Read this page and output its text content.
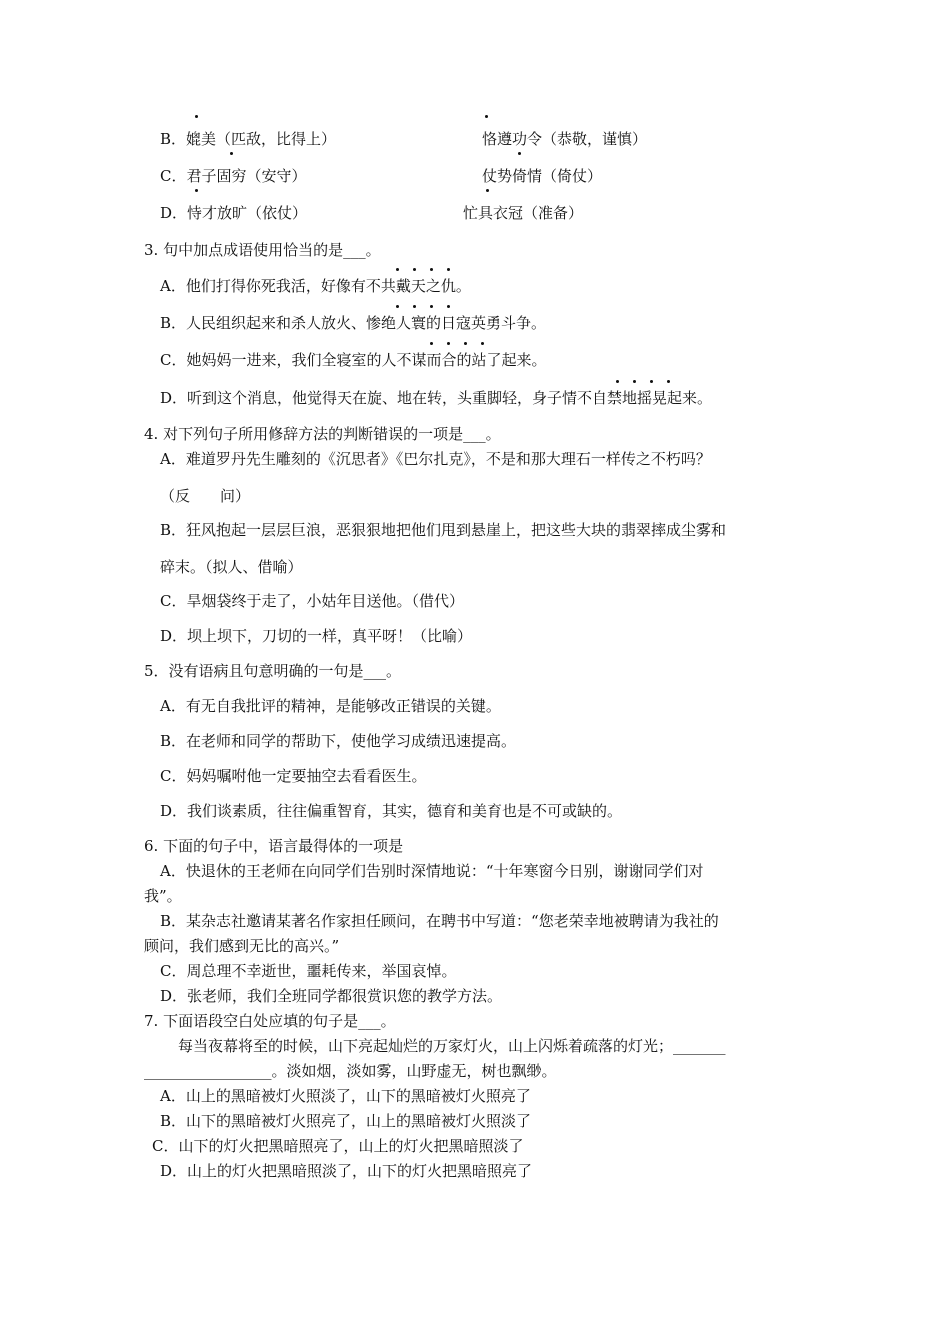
B．媲美（匹敌，比得上）	恪遵功令（恭敬，谨慎）
C．君子固穷（安守）	仗势倚情（倚仗）
D．恃才放旷（依仗）	忙具衣冠（准备）
3. 句中加点成语使用恰当的是___。
A．他们打得你死我活，好像有不共戴天之仇。
B．人民组织起来和杀人放火、惨绝人寰的日寇英勇斗争。
C．她妈妈一进来，我们全寝室的人不谋而合的站了起来。
D．听到这个消息，他觉得天在旋、地在转，头重脚轻，身子情不自禁地摇晃起来。
4. 对下列句子所用修辞方法的判断错误的一项是___。
A．难道罗丹先生雕刻的《沉思者》《巴尔扎克》，不是和那大理石一样传之不朽吗？
（反　　问）
B．狂风抱起一层层巨浪，恶狠狠地把他们甩到悬崖上，把这些大块的翡翠摔成尘雾和
碎末。（拟人、借喻）
C．旱烟袋终于走了，小姑年目送他。（借代）
D．坝上坝下，刀切的一样，真平呀！（比喻）
5．没有语病且句意明确的一句是___。
A．有无自我批评的精神，是能够改正错误的关键。
B．在老师和同学的帮助下，使他学习成绩迅速提高。
C．妈妈嘱咐他一定要抽空去看看医生。
D．我们谈素质，往往偏重智育，其实，德育和美育也是不可或缺的。
6. 下面的句子中，语言最得体的一项是
A．快退休的王老师在向同学们告别时深情地说：“十年寒窗今日别，谢谢同学们对
我”。
B．某杂志社邀请某著名作家担任顾问，在聘书中写道：“您老荣幸地被聘请为我社的
顾问，我们感到无比的高兴。”
C．周总理不幸逝世，噩耗传来，举国哀悼。
D．张老师，我们全班同学都很赏识您的教学方法。
7. 下面语段空白处应填的句子是___。
每当夜幕将至的时候，山下亮起灿烂的万家灯火，山上闪烁着疏落的灯光；_______
_________________。淡如烟，淡如雾，山野虚无，树也飘缈。
A．山上的黑暗被灯火照淡了，山下的黑暗被灯火照亮了
B．山下的黑暗被灯火照亮了，山上的黑暗被灯火照淡了
C．山下的灯火把黑暗照亮了，山上的灯火把黑暗照淡了
D．山上的灯火把黑暗照淡了，山下的灯火把黑暗照亮了
